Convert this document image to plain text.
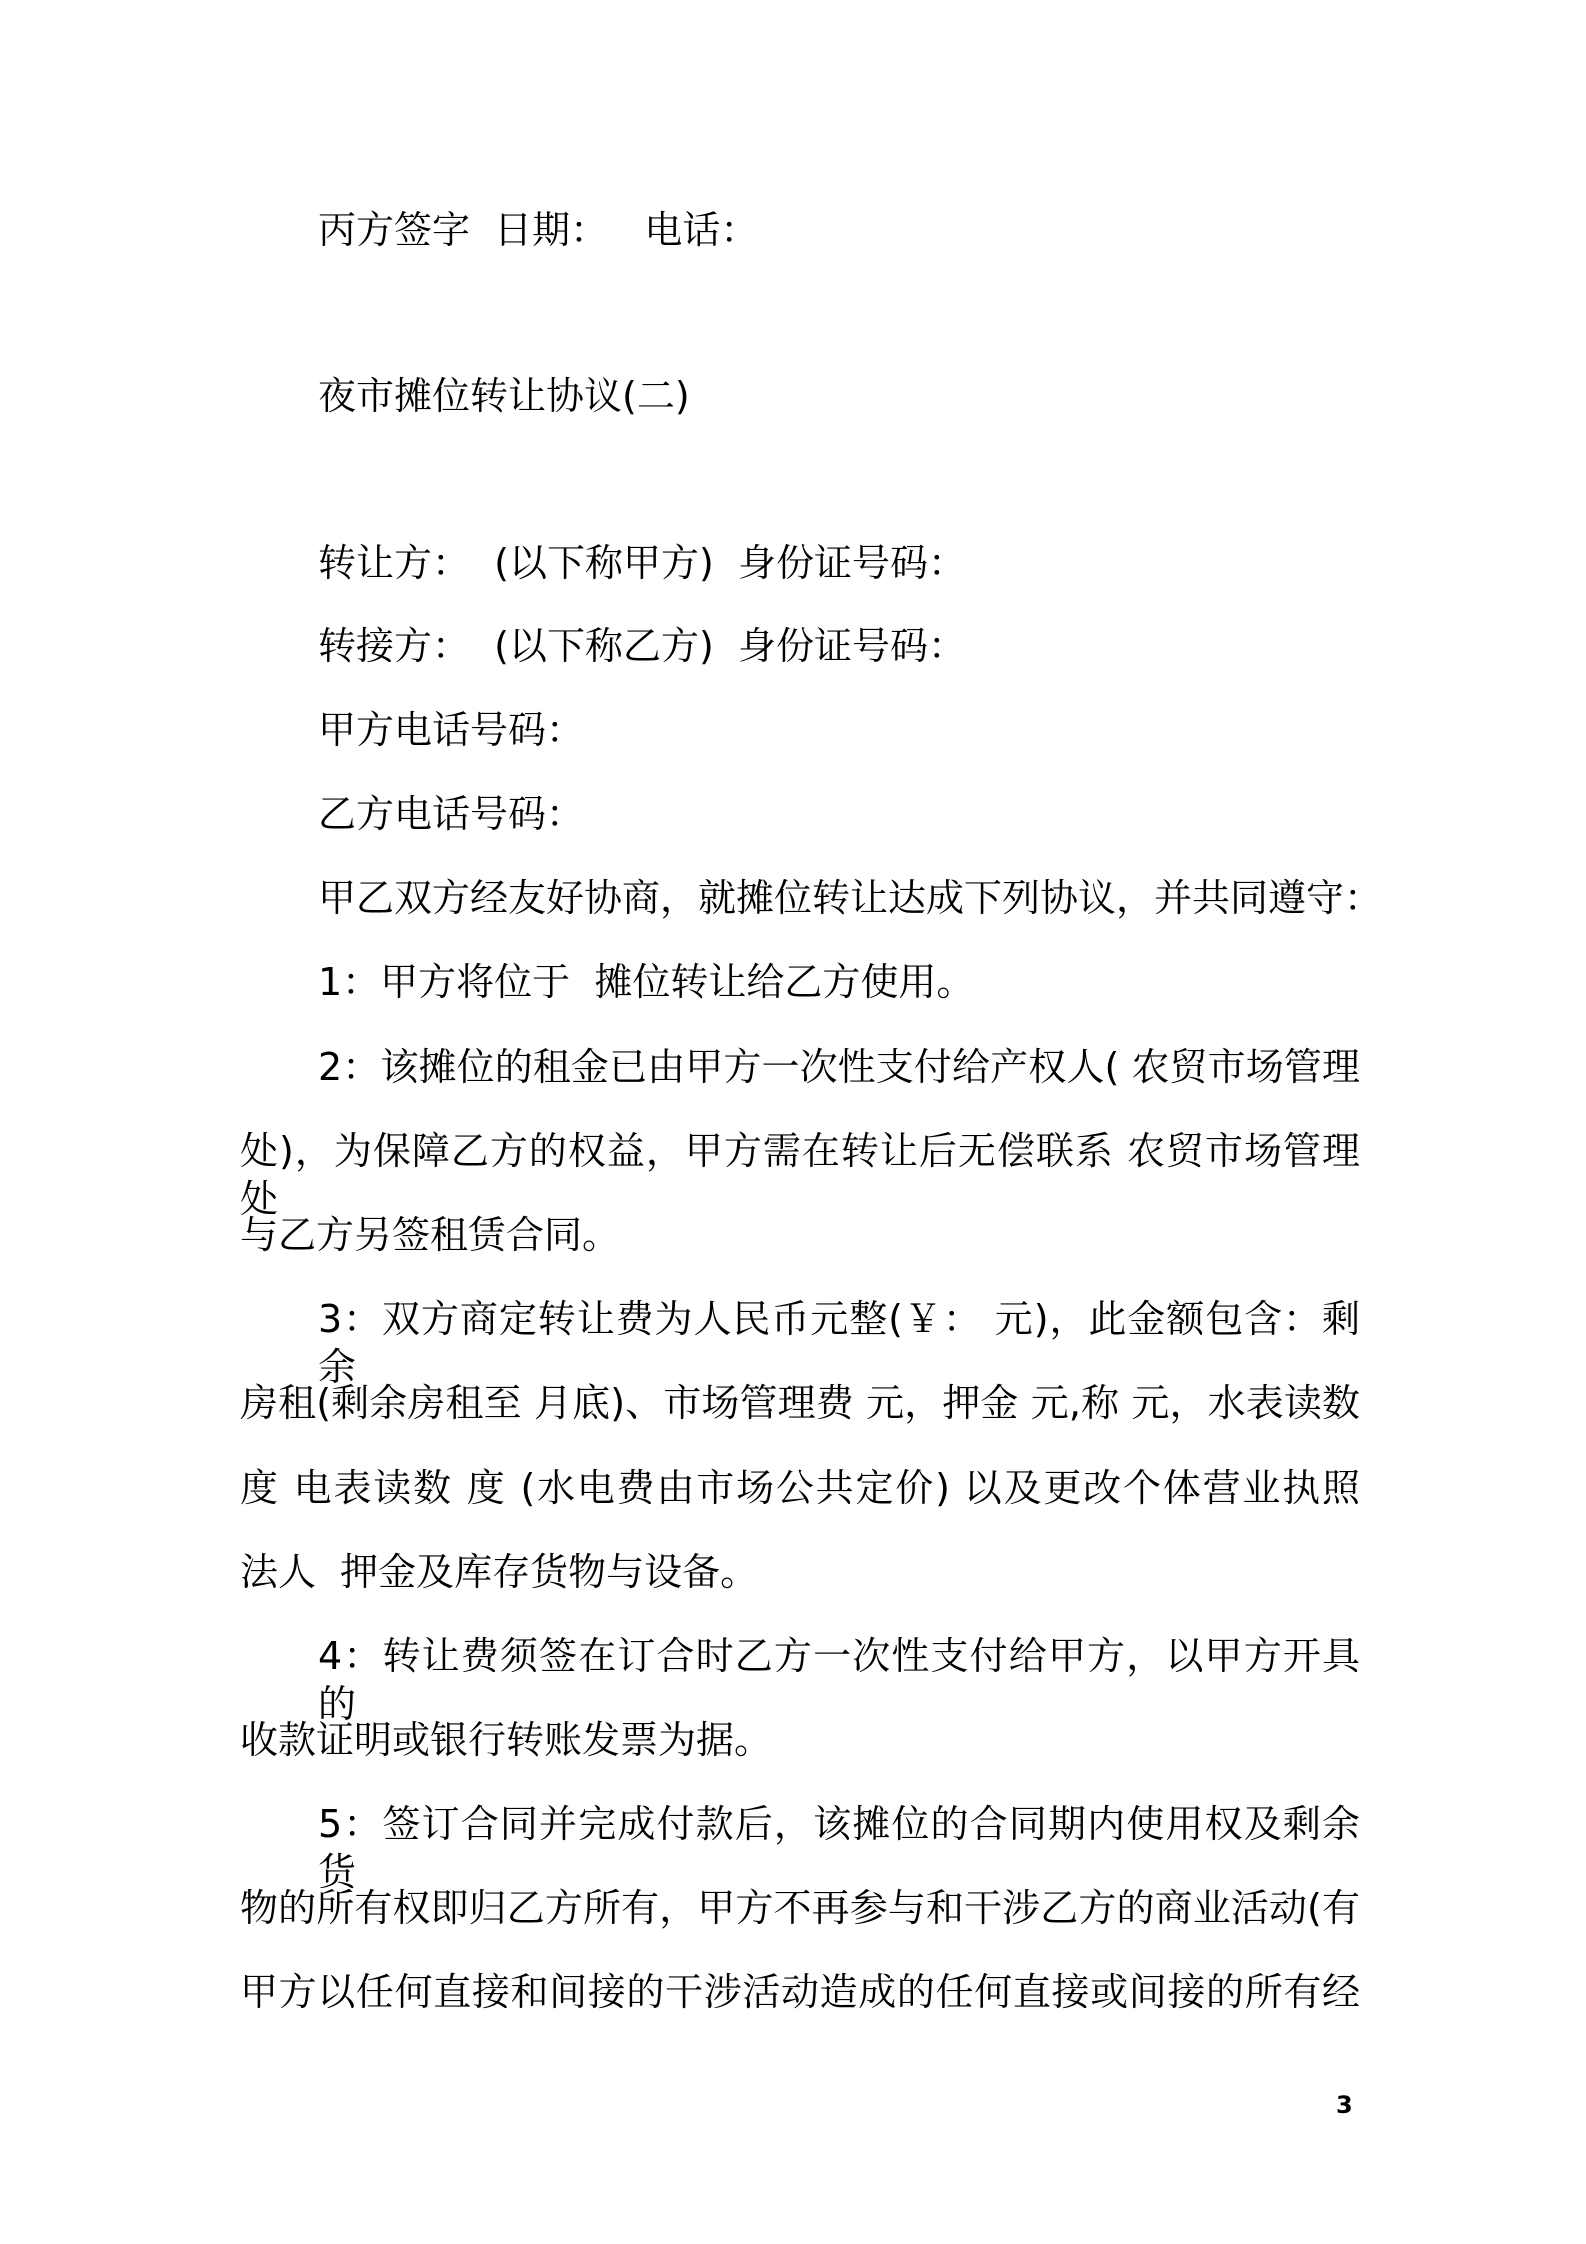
丙方签字  日期：   电话：
夜市摊位转让协议(二)
转让方：  (以下称甲方)  身份证号码：
转接方：  (以下称乙方)  身份证号码：
甲方电话号码：
乙方电话号码：
甲乙双方经友好协商，就摊位转让达成下列协议，并共同遵守：
1：甲方将位于  摊位转让给乙方使用。
2：该摊位的租金已由甲方一次性支付给产权人( 农贸市场管理
处)，为保障乙方的权益，甲方需在转让后无偿联系 农贸市场管理处
与乙方另签租赁合同。
3：双方商定转让费为人民币元整(￥： 元)，此金额包含：剩余
房租(剩余房租至 月底)、市场管理费 元，押金 元,称 元，水表读数
度 电表读数 度 (水电费由市场公共定价) 以及更改个体营业执照
法人  押金及库存货物与设备。
4：转让费须签在订合时乙方一次性支付给甲方，以甲方开具的
收款证明或银行转账发票为据。
5：签订合同并完成付款后，该摊位的合同期内使用权及剩余货
物的所有权即归乙方所有，甲方不再参与和干涉乙方的商业活动(有
甲方以任何直接和间接的干涉活动造成的任何直接或间接的所有经
3
